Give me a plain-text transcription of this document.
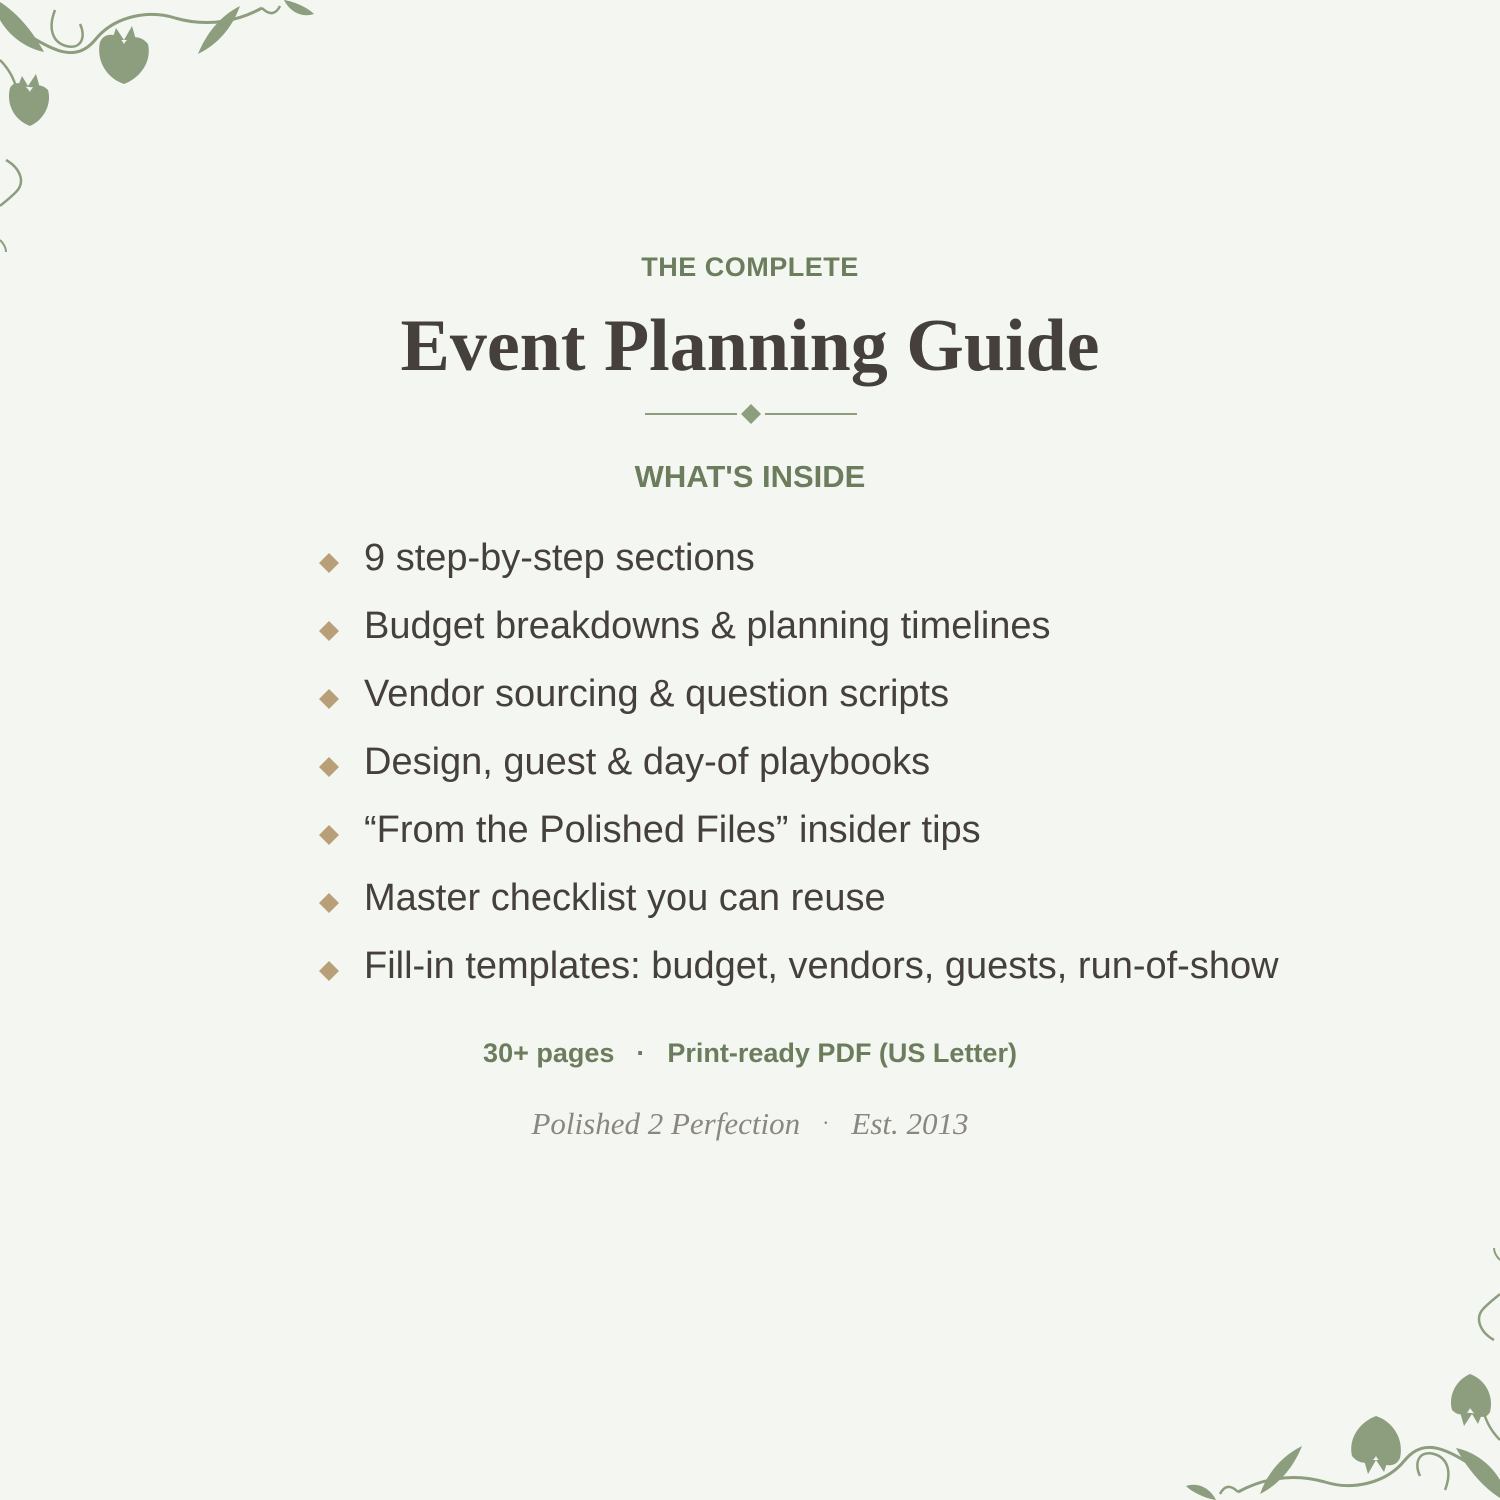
THE COMPLETE
Event Planning Guide
WHAT'S INSIDE
9 step-by-step sections
Budget breakdowns & planning timelines
Vendor sourcing & question scripts
Design, guest & day-of playbooks
“From the Polished Files” insider tips
Master checklist you can reuse
Fill-in templates: budget, vendors, guests, run-of-show
30+ pages · Print-ready PDF (US Letter)
Polished 2 Perfection · Est. 2013
